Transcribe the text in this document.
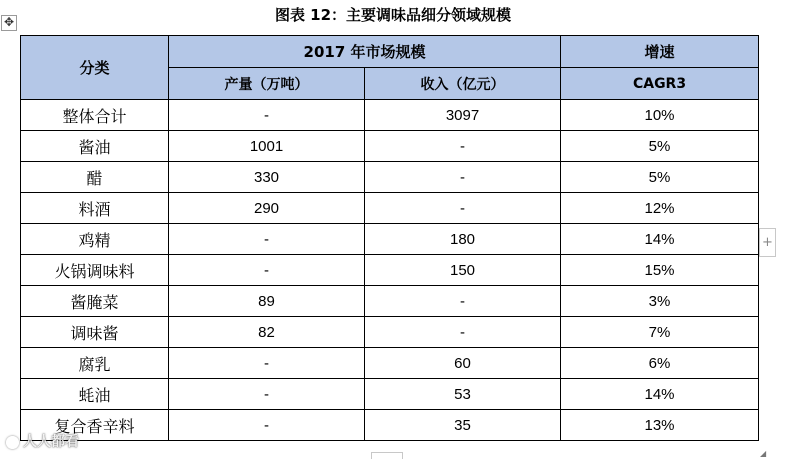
图表 12：主要调味品细分领域规模
✥
分类	2017 年市场规模		增速
	产量（万吨）	收入（亿元）	CAGR3
整体合计	-	3097	10%
酱油	1001	-	5%
醋	330	-	5%
料酒	290	-	12%
鸡精	-	180	14%
火锅调味料	-	150	15%
酱腌菜	89	-	3%
调味酱	82	-	7%
腐乳	-	60	6%
蚝油	-	53	14%
复合香辛料	-	35	13%
+
◢
人人都看
